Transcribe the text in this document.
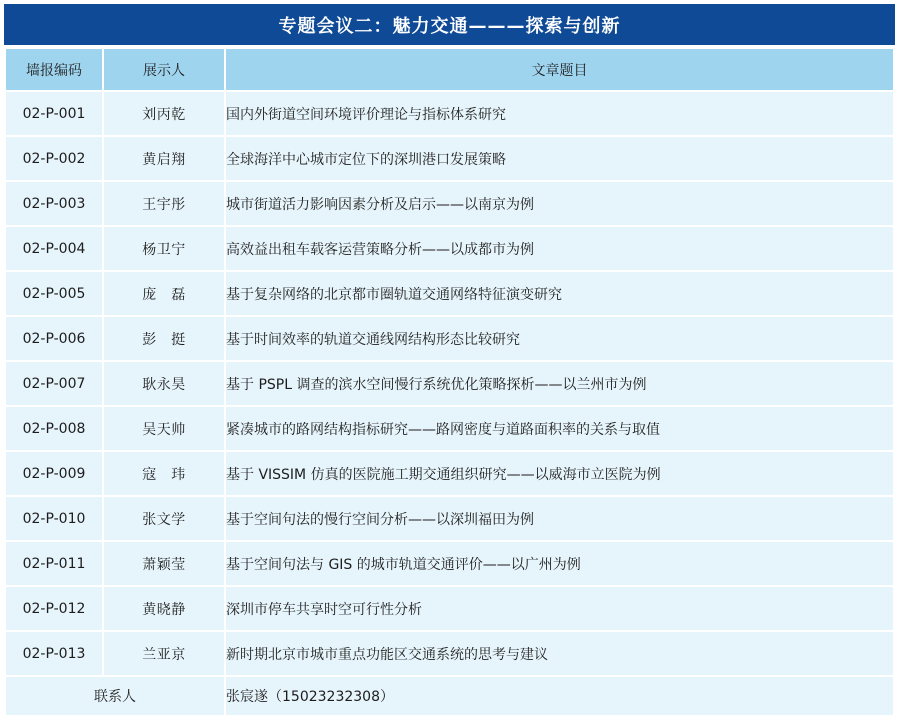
专题会议二：魅力交通———探索与创新
墙报编码	展示人	文章题目
02-P-001	刘丙乾	国内外街道空间环境评价理论与指标体系研究
02-P-002	黄启翔	全球海洋中心城市定位下的深圳港口发展策略
02-P-003	王宇彤	城市街道活力影响因素分析及启示——以南京为例
02-P-004	杨卫宁	高效益出租车载客运营策略分析——以成都市为例
02-P-005	庞　磊	基于复杂网络的北京都市圈轨道交通网络特征演变研究
02-P-006	彭　挺	基于时间效率的轨道交通线网结构形态比较研究
02-P-007	耿永昊	基于 PSPL 调查的滨水空间慢行系统优化策略探析——以兰州市为例
02-P-008	吴天帅	紧凑城市的路网结构指标研究——路网密度与道路面积率的关系与取值
02-P-009	寇　玮	基于 VISSIM 仿真的医院施工期交通组织研究——以威海市立医院为例
02-P-010	张文学	基于空间句法的慢行空间分析——以深圳福田为例
02-P-011	萧颖莹	基于空间句法与 GIS 的城市轨道交通评价——以广州为例
02-P-012	黄晓静	深圳市停车共享时空可行性分析
02-P-013	兰亚京	新时期北京市城市重点功能区交通系统的思考与建议
联系人		张宸遂（15023232308）
